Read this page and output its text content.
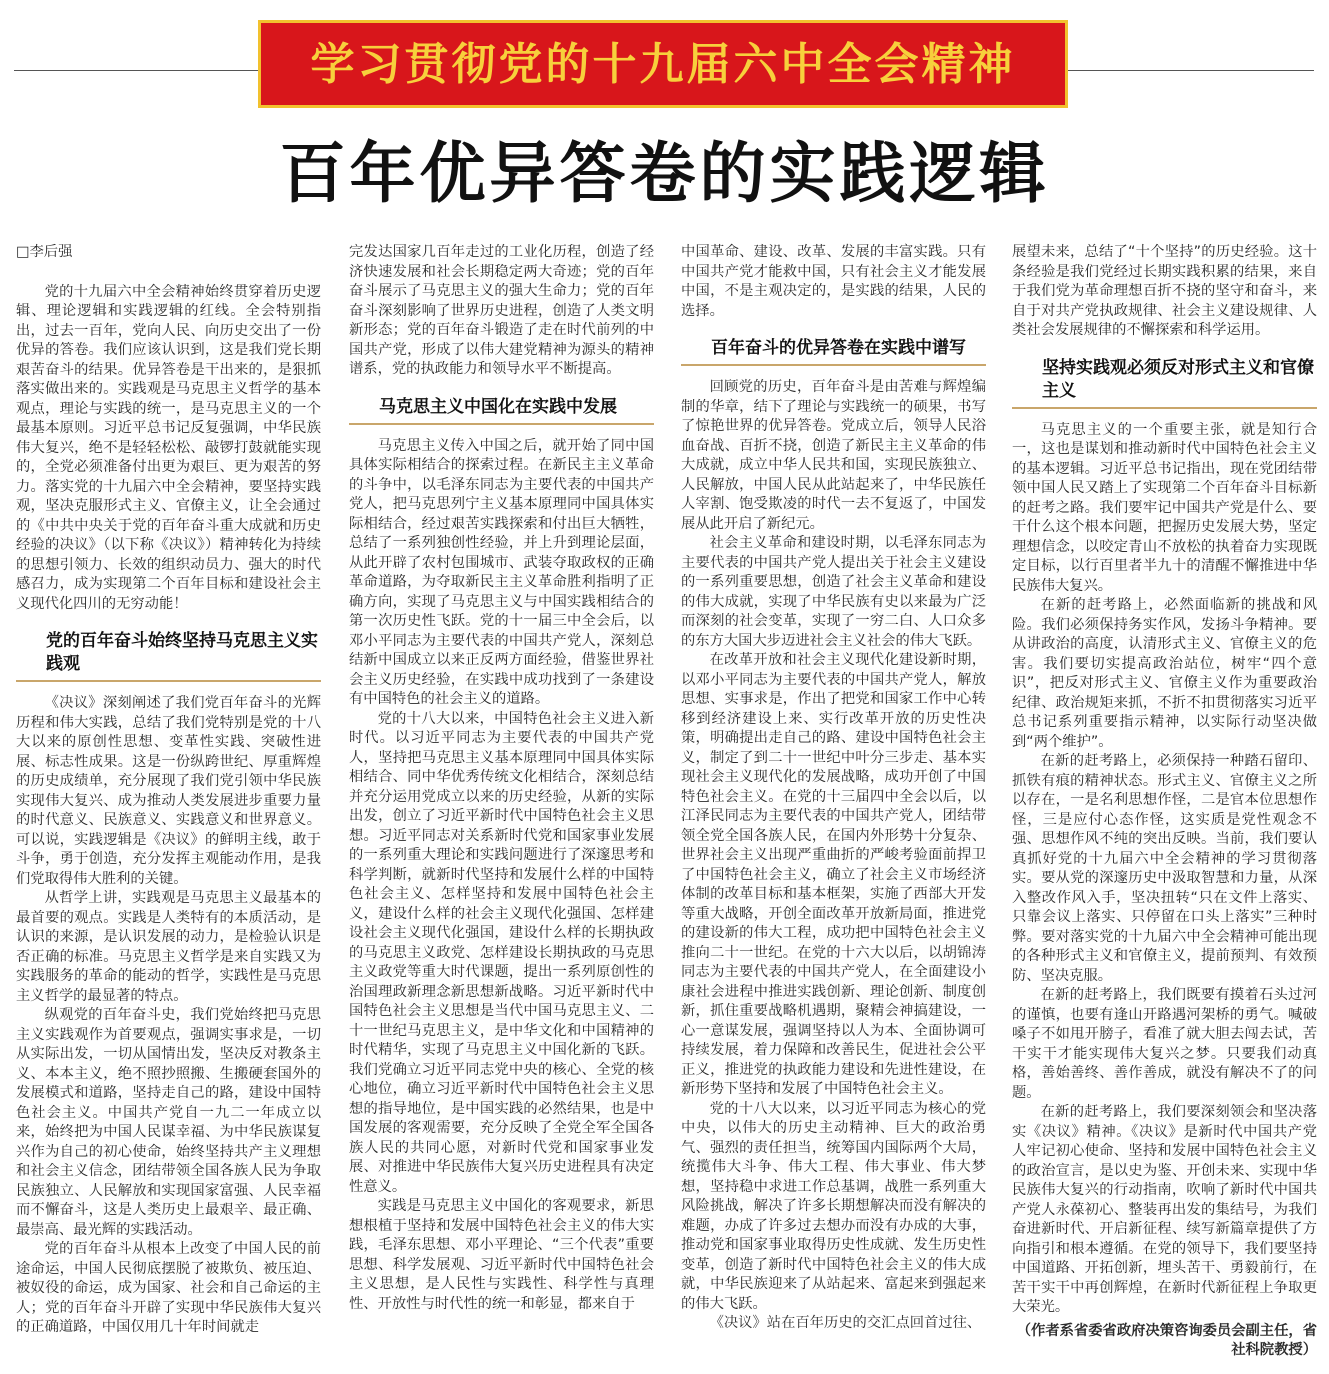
学习贯彻党的十九届六中全会精神
百年优异答卷的实践逻辑

□李后强

党的十九届六中全会精神始终贯穿着历史逻辑、理论逻辑和实践逻辑的红线。全会特别指出，过去一百年，党向人民、向历史交出了一份优异的答卷。我们应该认识到，这是我们党长期艰苦奋斗的结果。优异答卷是干出来的，是狠抓落实做出来的。实践观是马克思主义哲学的基本观点，理论与实践的统一，是马克思主义的一个最基本原则。习近平总书记反复强调，中华民族伟大复兴，绝不是轻轻松松、敲锣打鼓就能实现的，全党必须准备付出更为艰巨、更为艰苦的努力。落实党的十九届六中全会精神，要坚持实践观，坚决克服形式主义、官僚主义，让全会通过的《中共中央关于党的百年奋斗重大成就和历史经验的决议》（以下称《决议》）精神转化为持续的思想引领力、长效的组织动员力、强大的时代感召力，成为实现第二个百年目标和建设社会主义现代化四川的无穷动能！

党的百年奋斗始终坚持马克思主义实践观

《决议》深刻阐述了我们党百年奋斗的光辉历程和伟大实践，总结了我们党特别是党的十八大以来的原创性思想、变革性实践、突破性进展、标志性成果。这是一份纵跨世纪、厚重辉煌的历史成绩单，充分展现了我们党引领中华民族实现伟大复兴、成为推动人类发展进步重要力量的时代意义、民族意义、实践意义和世界意义。可以说，实践逻辑是《决议》的鲜明主线，敢于斗争，勇于创造，充分发挥主观能动作用，是我们党取得伟大胜利的关键。

从哲学上讲，实践观是马克思主义最基本的最首要的观点。实践是人类特有的本质活动，是认识的来源，是认识发展的动力，是检验认识是否正确的标准。马克思主义哲学是来自实践又为实践服务的革命的能动的哲学，实践性是马克思主义哲学的最显著的特点。

纵观党的百年奋斗史，我们党始终把马克思主义实践观作为首要观点，强调实事求是，一切从实际出发，一切从国情出发，坚决反对教条主义、本本主义，绝不照抄照搬、生搬硬套国外的发展模式和道路，坚持走自己的路，建设中国特色社会主义。中国共产党自一九二一年成立以来，始终把为中国人民谋幸福、为中华民族谋复兴作为自己的初心使命，始终坚持共产主义理想和社会主义信念，团结带领全国各族人民为争取民族独立、人民解放和实现国家富强、人民幸福而不懈奋斗，这是人类历史上最艰辛、最正确、最崇高、最光辉的实践活动。

党的百年奋斗从根本上改变了中国人民的前途命运，中国人民彻底摆脱了被欺负、被压迫、被奴役的命运，成为国家、社会和自己命运的主人；党的百年奋斗开辟了实现中华民族伟大复兴的正确道路，中国仅用几十年时间就走

完发达国家几百年走过的工业化历程，创造了经济快速发展和社会长期稳定两大奇迹；党的百年奋斗展示了马克思主义的强大生命力；党的百年奋斗深刻影响了世界历史进程，创造了人类文明新形态；党的百年奋斗锻造了走在时代前列的中国共产党，形成了以伟大建党精神为源头的精神谱系，党的执政能力和领导水平不断提高。

马克思主义中国化在实践中发展

马克思主义传入中国之后，就开始了同中国具体实际相结合的探索过程。在新民主主义革命的斗争中，以毛泽东同志为主要代表的中国共产党人，把马克思列宁主义基本原理同中国具体实际相结合，经过艰苦实践探索和付出巨大牺牲，总结了一系列独创性经验，并上升到理论层面，从此开辟了农村包围城市、武装夺取政权的正确革命道路，为夺取新民主主义革命胜利指明了正确方向，实现了马克思主义与中国实践相结合的第一次历史性飞跃。党的十一届三中全会后，以邓小平同志为主要代表的中国共产党人，深刻总结新中国成立以来正反两方面经验，借鉴世界社会主义历史经验，在实践中成功找到了一条建设有中国特色的社会主义的道路。

党的十八大以来，中国特色社会主义进入新时代。以习近平同志为主要代表的中国共产党人，坚持把马克思主义基本原理同中国具体实际相结合、同中华优秀传统文化相结合，深刻总结并充分运用党成立以来的历史经验，从新的实际出发，创立了习近平新时代中国特色社会主义思想。习近平同志对关系新时代党和国家事业发展的一系列重大理论和实践问题进行了深邃思考和科学判断，就新时代坚持和发展什么样的中国特色社会主义、怎样坚持和发展中国特色社会主义，建设什么样的社会主义现代化强国、怎样建设社会主义现代化强国，建设什么样的长期执政的马克思主义政党、怎样建设长期执政的马克思主义政党等重大时代课题，提出一系列原创性的治国理政新理念新思想新战略。习近平新时代中国特色社会主义思想是当代中国马克思主义、二十一世纪马克思主义，是中华文化和中国精神的时代精华，实现了马克思主义中国化新的飞跃。我们党确立习近平同志党中央的核心、全党的核心地位，确立习近平新时代中国特色社会主义思想的指导地位，是中国实践的必然结果，也是中国发展的客观需要，充分反映了全党全军全国各族人民的共同心愿，对新时代党和国家事业发展、对推进中华民族伟大复兴历史进程具有决定性意义。

实践是马克思主义中国化的客观要求，新思想根植于坚持和发展中国特色社会主义的伟大实践，毛泽东思想、邓小平理论、“三个代表”重要思想、科学发展观、习近平新时代中国特色社会主义思想，是人民性与实践性、科学性与真理性、开放性与时代性的统一和彰显，都来自于

中国革命、建设、改革、发展的丰富实践。只有中国共产党才能救中国，只有社会主义才能发展中国，不是主观决定的，是实践的结果，人民的选择。

百年奋斗的优异答卷在实践中谱写

回顾党的历史，百年奋斗是由苦难与辉煌编制的华章，结下了理论与实践统一的硕果，书写了惊艳世界的优异答卷。党成立后，领导人民浴血奋战、百折不挠，创造了新民主主义革命的伟大成就，成立中华人民共和国，实现民族独立、人民解放，中国人民从此站起来了，中华民族任人宰割、饱受欺凌的时代一去不复返了，中国发展从此开启了新纪元。

社会主义革命和建设时期，以毛泽东同志为主要代表的中国共产党人提出关于社会主义建设的一系列重要思想，创造了社会主义革命和建设的伟大成就，实现了中华民族有史以来最为广泛而深刻的社会变革，实现了一穷二白、人口众多的东方大国大步迈进社会主义社会的伟大飞跃。

在改革开放和社会主义现代化建设新时期，以邓小平同志为主要代表的中国共产党人，解放思想、实事求是，作出了把党和国家工作中心转移到经济建设上来、实行改革开放的历史性决策，明确提出走自己的路、建设中国特色社会主义，制定了到二十一世纪中叶分三步走、基本实现社会主义现代化的发展战略，成功开创了中国特色社会主义。在党的十三届四中全会以后，以江泽民同志为主要代表的中国共产党人，团结带领全党全国各族人民，在国内外形势十分复杂、世界社会主义出现严重曲折的严峻考验面前捍卫了中国特色社会主义，确立了社会主义市场经济体制的改革目标和基本框架，实施了西部大开发等重大战略，开创全面改革开放新局面，推进党的建设新的伟大工程，成功把中国特色社会主义推向二十一世纪。在党的十六大以后，以胡锦涛同志为主要代表的中国共产党人，在全面建设小康社会进程中推进实践创新、理论创新、制度创新，抓住重要战略机遇期，聚精会神搞建设，一心一意谋发展，强调坚持以人为本、全面协调可持续发展，着力保障和改善民生，促进社会公平正义，推进党的执政能力建设和先进性建设，在新形势下坚持和发展了中国特色社会主义。

党的十八大以来，以习近平同志为核心的党中央，以伟大的历史主动精神、巨大的政治勇气、强烈的责任担当，统筹国内国际两个大局，统揽伟大斗争、伟大工程、伟大事业、伟大梦想，坚持稳中求进工作总基调，战胜一系列重大风险挑战，解决了许多长期想解决而没有解决的难题，办成了许多过去想办而没有办成的大事，推动党和国家事业取得历史性成就、发生历史性变革，创造了新时代中国特色社会主义的伟大成就，中华民族迎来了从站起来、富起来到强起来的伟大飞跃。

《决议》站在百年历史的交汇点回首过往、

展望未来，总结了“十个坚持”的历史经验。这十条经验是我们党经过长期实践积累的结果，来自于我们党为革命理想百折不挠的坚守和奋斗，来自于对共产党执政规律、社会主义建设规律、人类社会发展规律的不懈探索和科学运用。

坚持实践观必须反对形式主义和官僚主义

马克思主义的一个重要主张，就是知行合一，这也是谋划和推动新时代中国特色社会主义的基本逻辑。习近平总书记指出，现在党团结带领中国人民又踏上了实现第二个百年奋斗目标新的赶考之路。我们要牢记中国共产党是什么、要干什么这个根本问题，把握历史发展大势，坚定理想信念，以咬定青山不放松的执着奋力实现既定目标，以行百里者半九十的清醒不懈推进中华民族伟大复兴。

在新的赶考路上，必然面临新的挑战和风险。我们必须保持务实作风，发扬斗争精神。要从讲政治的高度，认清形式主义、官僚主义的危害。我们要切实提高政治站位，树牢“四个意识”，把反对形式主义、官僚主义作为重要政治纪律、政治规矩来抓，不折不扣贯彻落实习近平总书记系列重要指示精神，以实际行动坚决做到“两个维护”。

在新的赶考路上，必须保持一种踏石留印、抓铁有痕的精神状态。形式主义、官僚主义之所以存在，一是名利思想作怪，二是官本位思想作怪，三是应付心态作怪，这实质是党性观念不强、思想作风不纯的突出反映。当前，我们要认真抓好党的十九届六中全会精神的学习贯彻落实。要从党的深邃历史中汲取智慧和力量，从深入整改作风入手，坚决扭转“只在文件上落实、只靠会议上落实、只停留在口头上落实”三种时弊。要对落实党的十九届六中全会精神可能出现的各种形式主义和官僚主义，提前预判、有效预防、坚决克服。

在新的赶考路上，我们既要有摸着石头过河的谨慎，也要有逢山开路遇河架桥的勇气。喊破嗓子不如甩开膀子，看准了就大胆去闯去试，苦干实干才能实现伟大复兴之梦。只要我们动真格，善始善终、善作善成，就没有解决不了的问题。

在新的赶考路上，我们要深刻领会和坚决落实《决议》精神。《决议》是新时代中国共产党人牢记初心使命、坚持和发展中国特色社会主义的政治宣言，是以史为鉴、开创未来、实现中华民族伟大复兴的行动指南，吹响了新时代中国共产党人永葆初心、整装再出发的集结号，为我们奋进新时代、开启新征程、续写新篇章提供了方向指引和根本遵循。在党的领导下，我们要坚持中国道路、开拓创新，埋头苦干、勇毅前行，在苦干实干中再创辉煌，在新时代新征程上争取更大荣光。

（作者系省委省政府决策咨询委员会副主任，省社科院教授）
